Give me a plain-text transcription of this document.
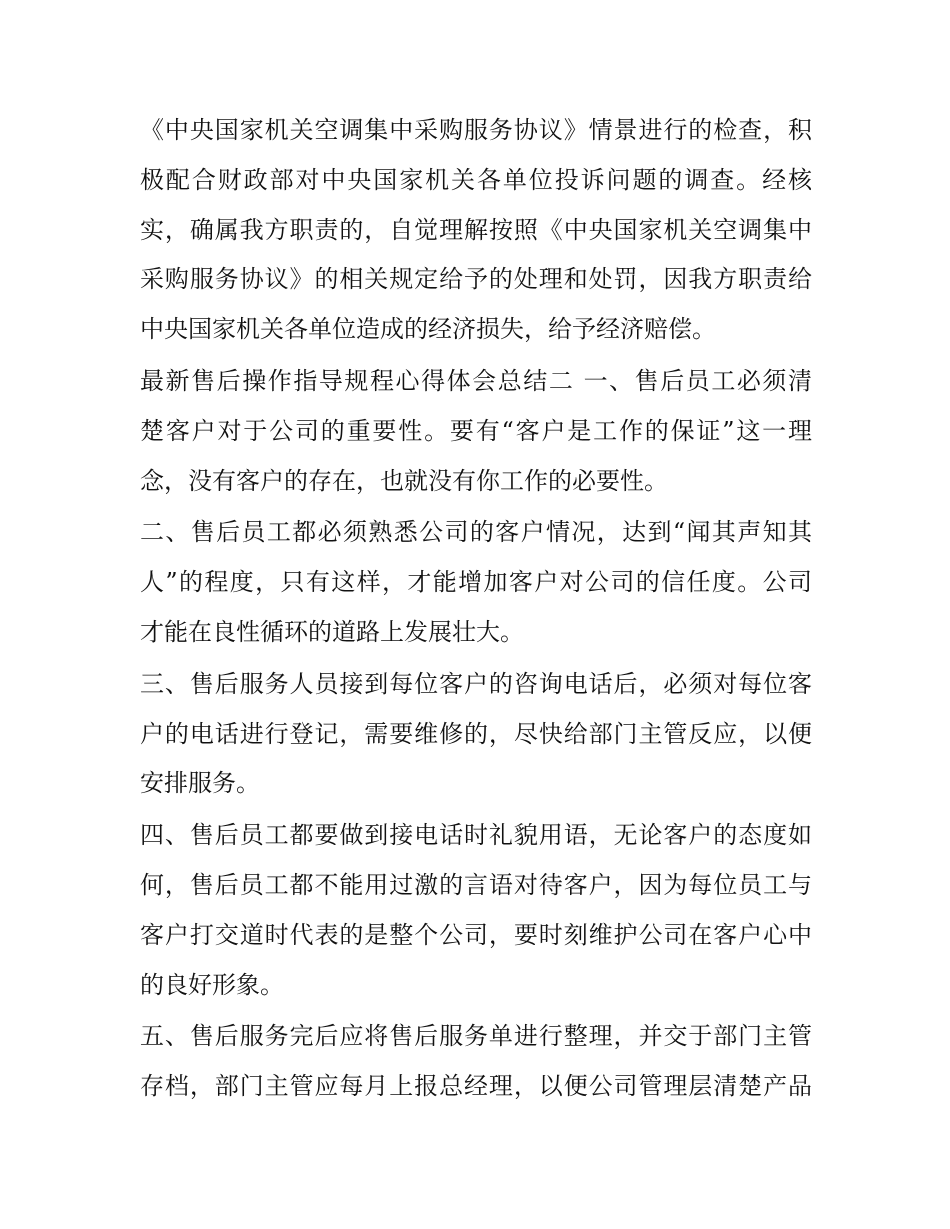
《中央国家机关空调集中采购服务协议》情景进行的检查，积
极配合财政部对中央国家机关各单位投诉问题的调查。经核
实，确属我方职责的，自觉理解按照《中央国家机关空调集中
采购服务协议》的相关规定给予的处理和处罚，因我方职责给
中央国家机关各单位造成的经济损失，给予经济赔偿。

最新售后操作指导规程心得体会总结二 一、售后员工必须清
楚客户对于公司的重要性。要有“客户是工作的保证”这一理
念，没有客户的存在，也就没有你工作的必要性。

二、售后员工都必须熟悉公司的客户情况，达到“闻其声知其
人”的程度，只有这样，才能增加客户对公司的信任度。公司
才能在良性循环的道路上发展壮大。

三、售后服务人员接到每位客户的咨询电话后，必须对每位客
户的电话进行登记，需要维修的，尽快给部门主管反应，以便
安排服务。

四、售后员工都要做到接电话时礼貌用语，无论客户的态度如
何，售后员工都不能用过激的言语对待客户，因为每位员工与
客户打交道时代表的是整个公司，要时刻维护公司在客户心中
的良好形象。

五、售后服务完后应将售后服务单进行整理，并交于部门主管
存档，部门主管应每月上报总经理，以便公司管理层清楚产品
